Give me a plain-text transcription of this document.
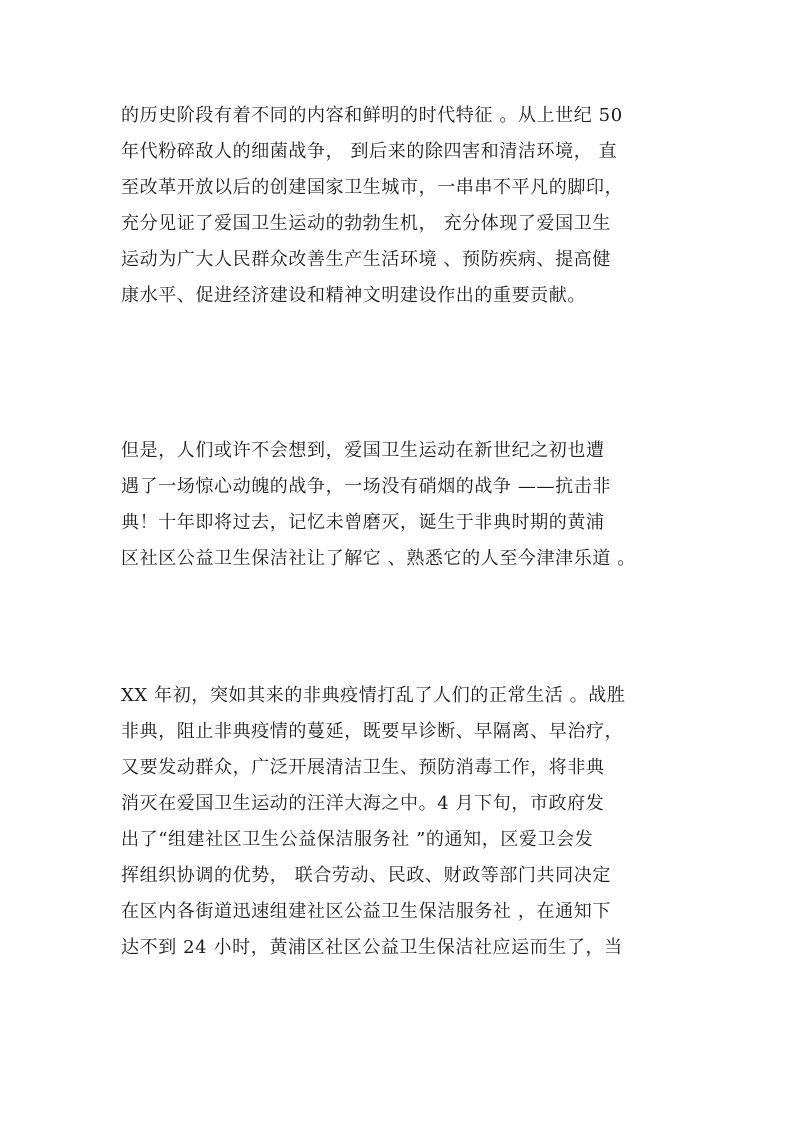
的历史阶段有着不同的内容和鲜明的时代特征 。从上世纪 50
年代粉碎敌人的细菌战争， 到后来的除四害和清洁环境， 直
至改革开放以后的创建国家卫生城市，一串串不平凡的脚印，
充分见证了爱国卫生运动的勃勃生机， 充分体现了爱国卫生
运动为广大人民群众改善生产生活环境 、预防疾病、提高健
康水平、促进经济建设和精神文明建设作出的重要贡献。
但是，人们或许不会想到，爱国卫生运动在新世纪之初也遭
遇了一场惊心动魄的战争，一场没有硝烟的战争 ——抗击非
典！十年即将过去，记忆未曾磨灭，诞生于非典时期的黄浦
区社区公益卫生保洁社让了解它 、熟悉它的人至今津津乐道 。
XX 年初，突如其来的非典疫情打乱了人们的正常生活 。战胜
非典，阻止非典疫情的蔓延，既要早诊断、早隔离、早治疗，
又要发动群众，广泛开展清洁卫生、预防消毒工作，将非典
消灭在爱国卫生运动的汪洋大海之中。4 月下旬，市政府发
出了“组建社区卫生公益保洁服务社 ”的通知，区爱卫会发
挥组织协调的优势， 联合劳动、民政、财政等部门共同决定
在区内各街道迅速组建社区公益卫生保洁服务社 ，在通知下
达不到 24 小时，黄浦区社区公益卫生保洁社应运而生了，当
